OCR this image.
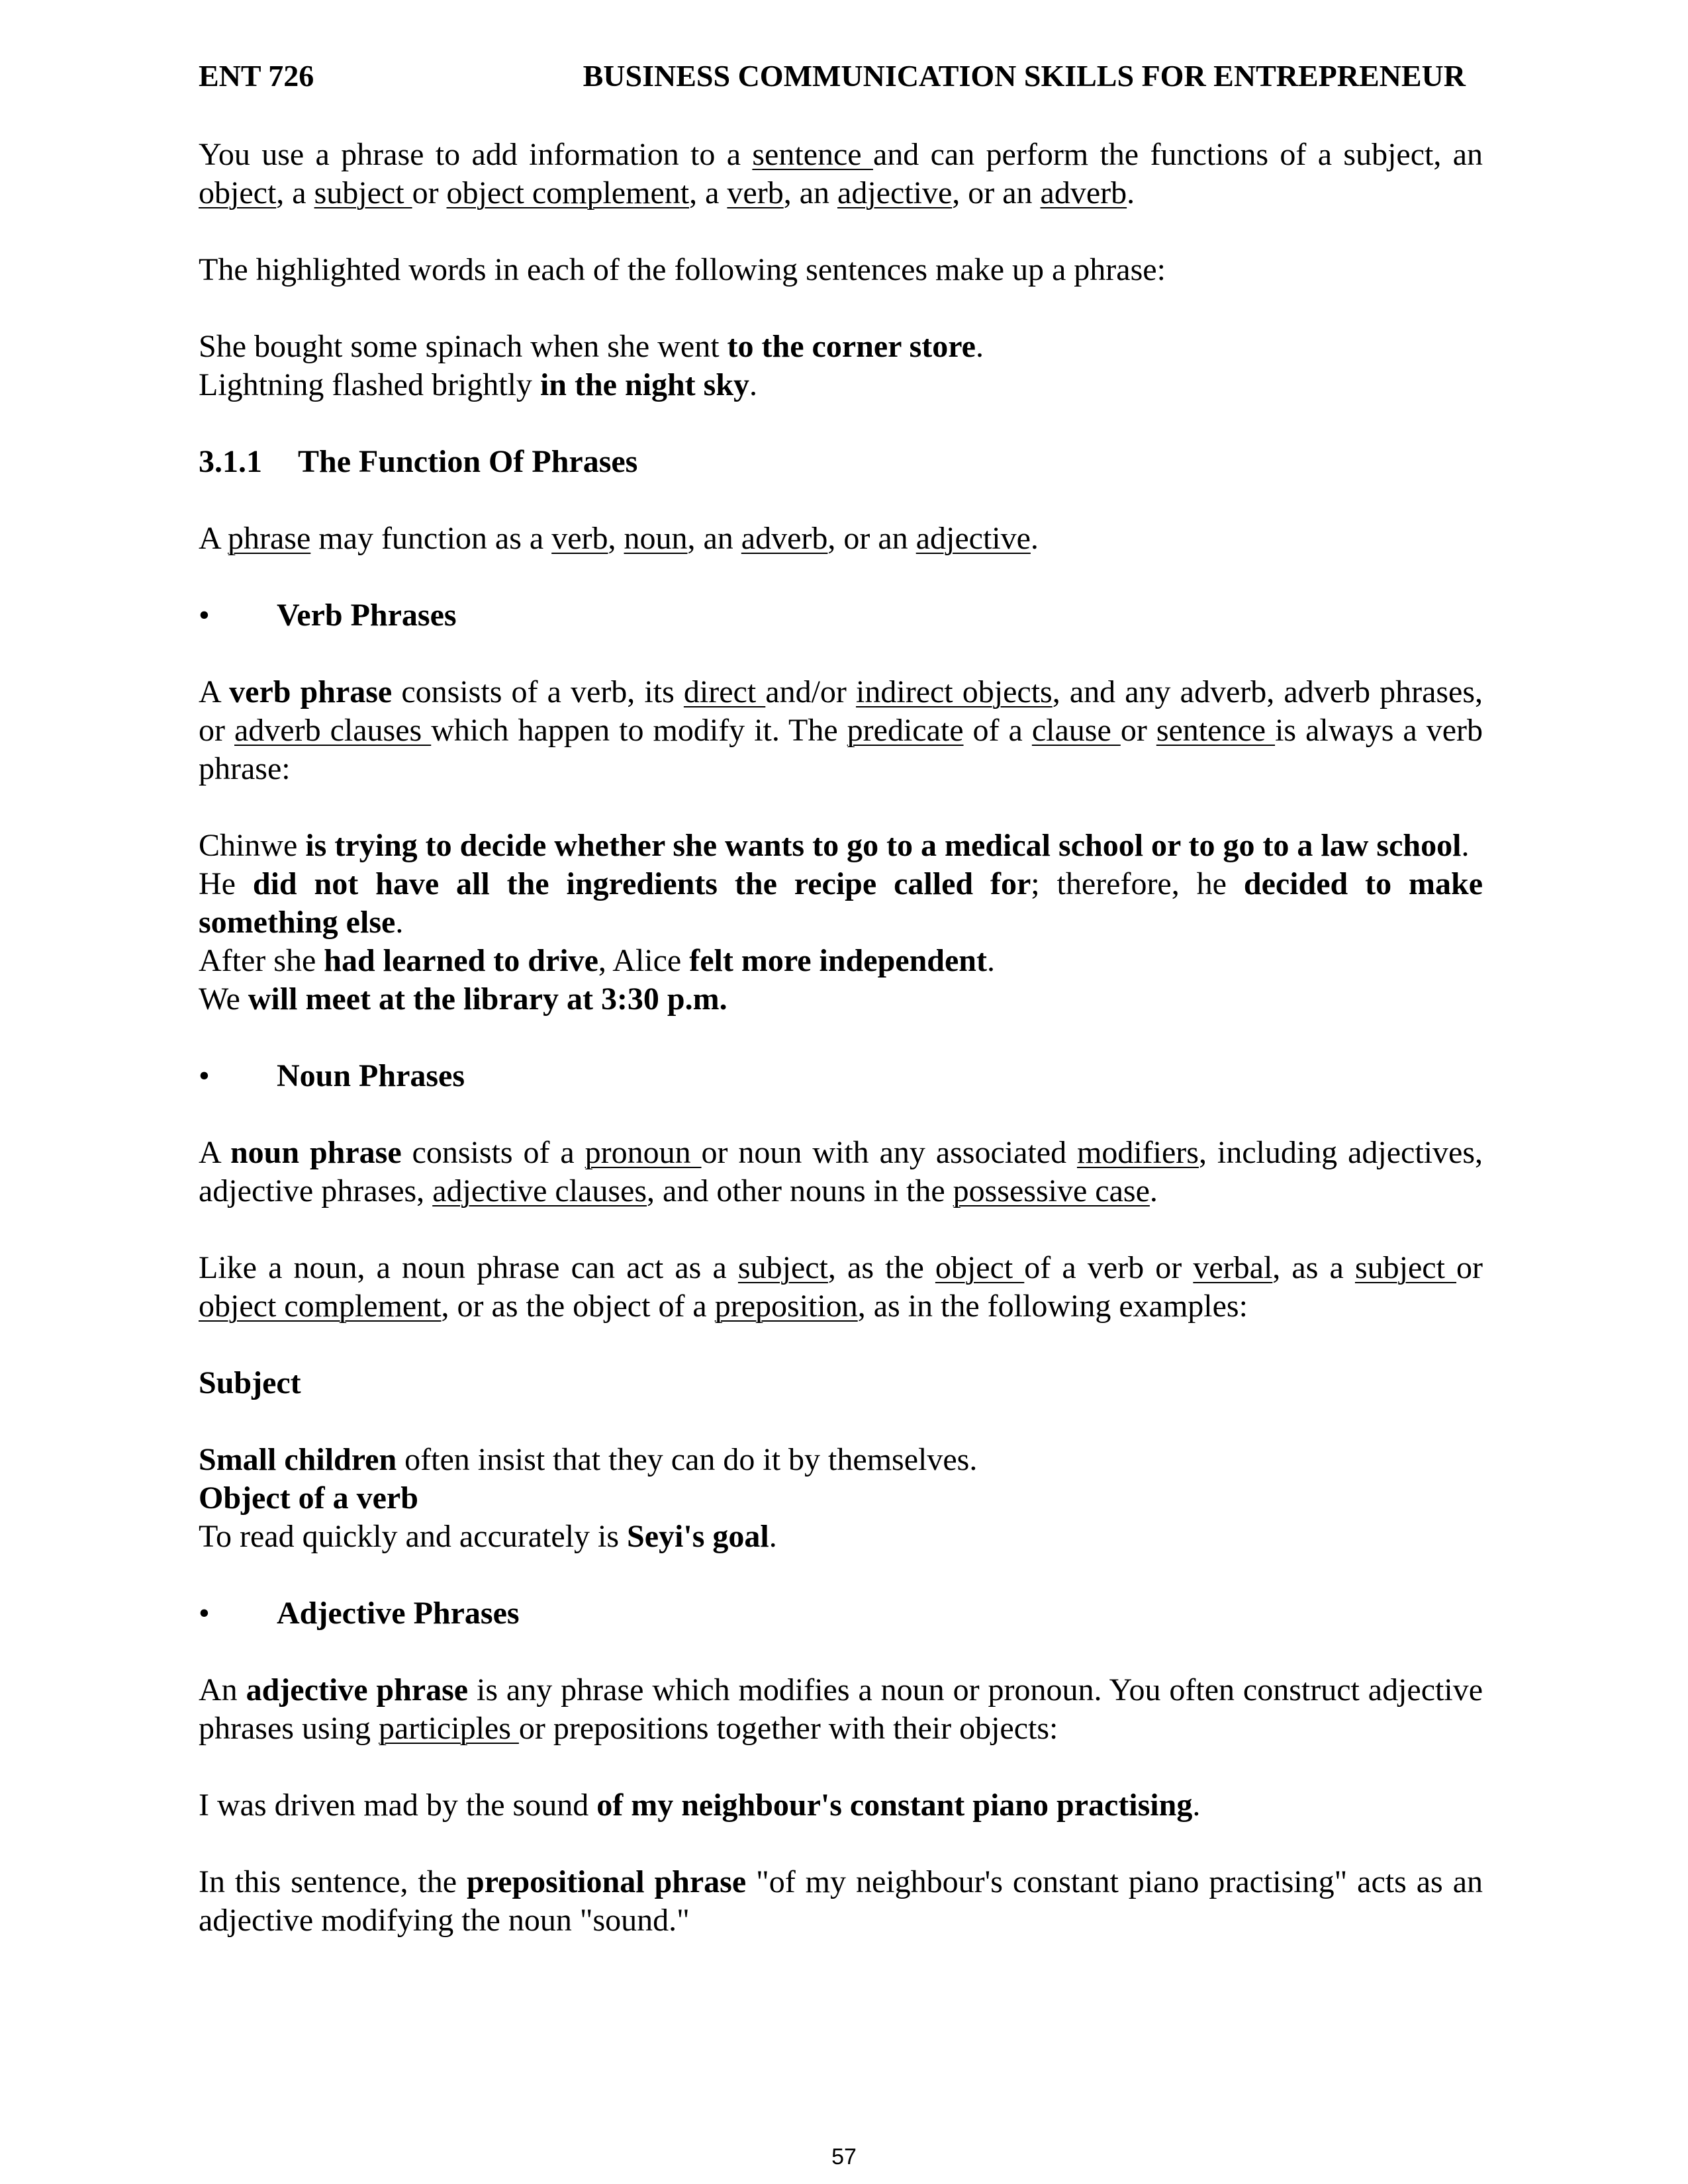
ENT 726	BUSINESS COMMUNICATION SKILLS FOR ENTREPRENEUR

You use a phrase to add information to a sentence and can perform the functions of a subject, an object, a subject or object complement, a verb, an adjective, or an adverb.

The highlighted words in each of the following sentences make up a phrase:

She bought some spinach when she went to the corner store.

Lightning flashed brightly in the night sky.

3.1.1 The Function Of Phrases

A phrase may function as a verb, noun, an adverb, or an adjective.

• Verb Phrases

A verb phrase consists of a verb, its direct and/or indirect objects, and any adverb, adverb phrases, or adverb clauses which happen to modify it. The predicate of a clause or sentence is always a verb phrase:

Chinwe is trying to decide whether she wants to go to a medical school or to go to a law school.

He did not have all the ingredients the recipe called for; therefore, he decided to make something else.

After she had learned to drive, Alice felt more independent.

We will meet at the library at 3:30 p.m.

• Noun Phrases

A noun phrase consists of a pronoun or noun with any associated modifiers, including adjectives, adjective phrases, adjective clauses, and other nouns in the possessive case.

Like a noun, a noun phrase can act as a subject, as the object of a verb or verbal, as a subject or object complement, or as the object of a preposition, as in the following examples:

Subject

Small children often insist that they can do it by themselves.

Object of a verb

To read quickly and accurately is Seyi's goal.

• Adjective Phrases

An adjective phrase is any phrase which modifies a noun or pronoun. You often construct adjective phrases using participles or prepositions together with their objects:

I was driven mad by the sound of my neighbour's constant piano practising.

In this sentence, the prepositional phrase "of my neighbour's constant piano practising" acts as an adjective modifying the noun "sound."

57
